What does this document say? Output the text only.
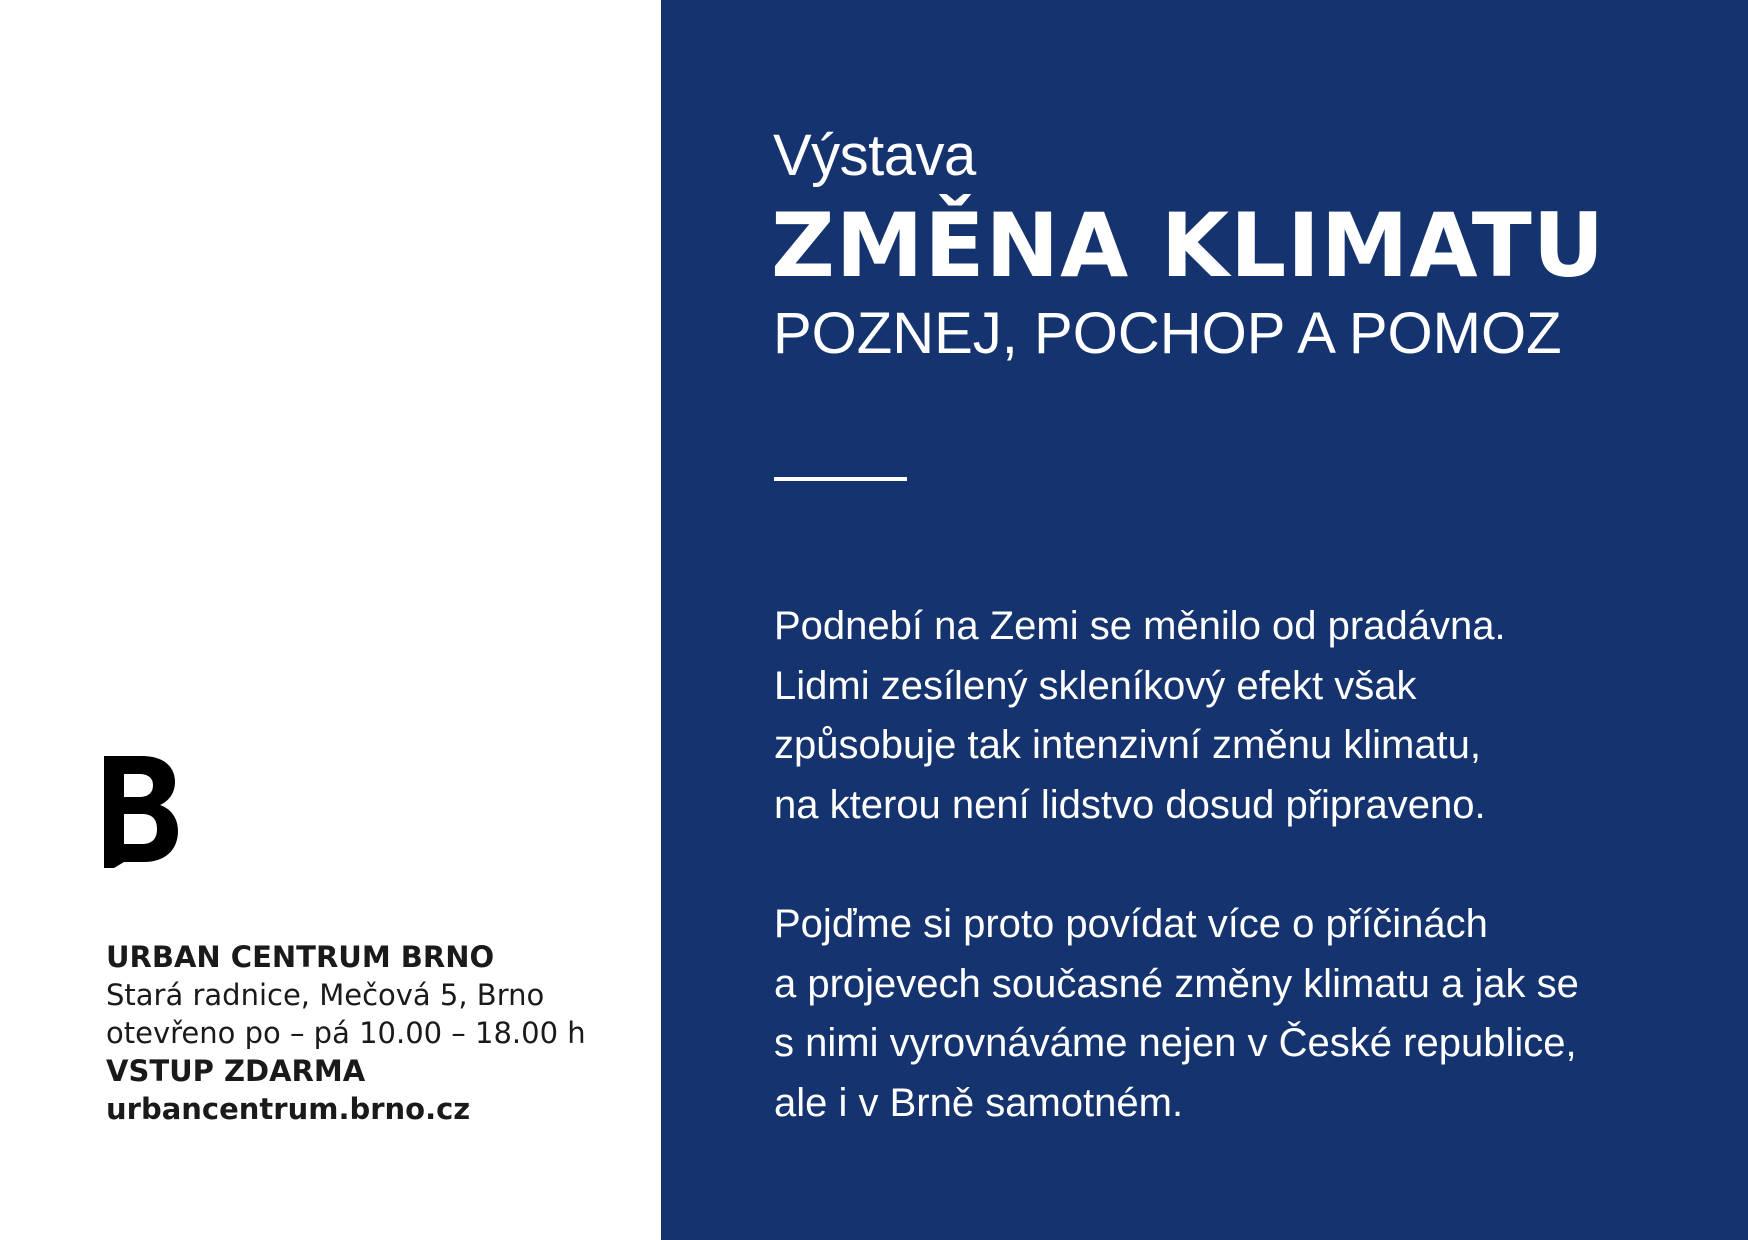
URBAN CENTRUM BRNO
Stará radnice, Mečová 5, Brno
otevřeno po – pá 10.00 – 18.00 h
VSTUP ZDARMA
urbancentrum.brno.cz
Výstava
ZMĚNA KLIMATU
POZNEJ, POCHOP A POMOZ

Podnebí na Zemi se měnilo od pradávna.
Lidmi zesílený skleníkový efekt však
způsobuje tak intenzivní změnu klimatu,
na kterou není lidstvo dosud připraveno.

Pojďme si proto povídat více o příčinách
a projevech současné změny klimatu a jak se
s nimi vyrovnáváme nejen v České republice,
ale i v Brně samotném.
